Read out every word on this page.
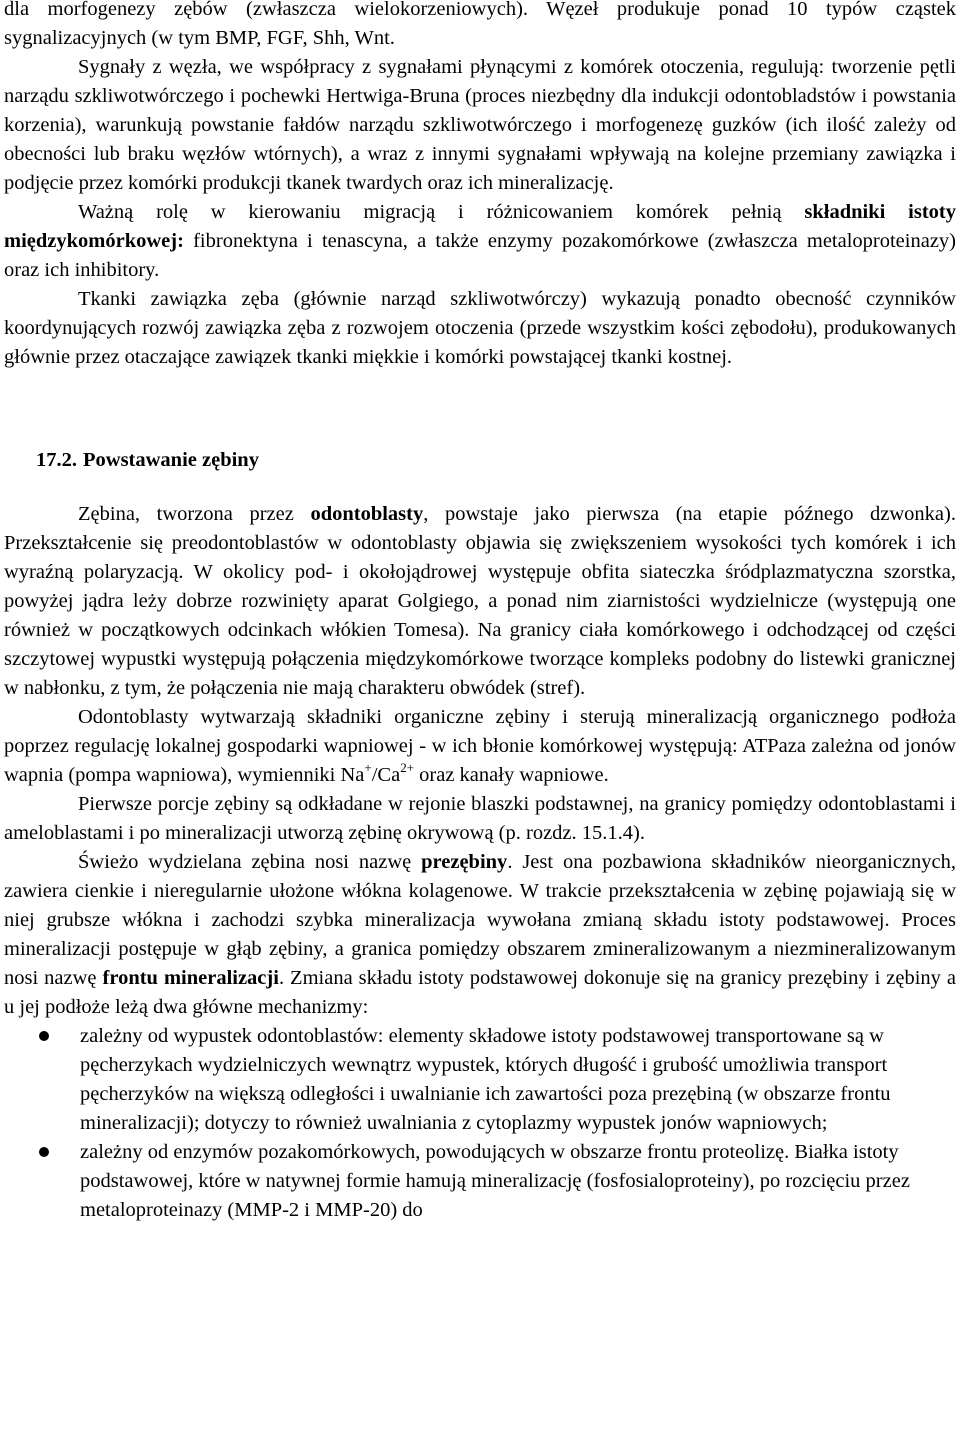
dla morfogenezy zębów (zwłaszcza wielokorzeniowych). Węzeł produkuje ponad 10 typów cząstek sygnalizacyjnych (w tym BMP, FGF, Shh, Wnt.

Sygnały z węzła, we współpracy z sygnałami płynącymi z komórek otoczenia, regulują: tworzenie pętli narządu szkliwotwórczego i pochewki Hertwiga-Bruna (proces niezbędny dla indukcji odontobladstów i powstania korzenia), warunkują powstanie fałdów narządu szkliwotwórczego i morfogenezę guzków (ich ilość zależy od obecności lub braku węzłów wtórnych), a wraz z innymi sygnałami wpływają na kolejne przemiany zawiązka i podjęcie przez komórki produkcji tkanek twardych oraz ich mineralizację.

Ważną rolę w kierowaniu migracją i różnicowaniem komórek pełnią składniki istoty międzykomórkowej: fibronektyna i tenascyna, a także enzymy pozakomórkowe (zwłaszcza metaloproteinazy) oraz ich inhibitory.

Tkanki zawiązka zęba (głównie narząd szkliwotwórczy) wykazują ponadto obecność czynników koordynujących rozwój zawiązka zęba z rozwojem otoczenia (przede wszystkim kości zębodołu), produkowanych głównie przez otaczające zawiązek tkanki miękkie i komórki powstającej tkanki kostnej.

17.2. Powstawanie zębiny

Zębina, tworzona przez odontoblasty, powstaje jako pierwsza (na etapie późnego dzwonka). Przekształcenie się preodontoblastów w odontoblasty objawia się zwiększeniem wysokości tych komórek i ich wyraźną polaryzacją. W okolicy pod- i okołojądrowej występuje obfita siateczka śródplazmatyczna szorstka, powyżej jądra leży dobrze rozwinięty aparat Golgiego, a ponad nim ziarnistości wydzielnicze (występują one również w początkowych odcinkach włókien Tomesa). Na granicy ciała komórkowego i odchodzącej od części szczytowej wypustki występują połączenia międzykomórkowe tworzące kompleks podobny do listewki granicznej w nabłonku, z tym, że połączenia nie mają charakteru obwódek (stref).

Odontoblasty wytwarzają składniki organiczne zębiny i sterują mineralizacją organicznego podłoża poprzez regulację lokalnej gospodarki wapniowej - w ich błonie komórkowej występują: ATPaza zależna od jonów wapnia (pompa wapniowa), wymienniki $Na^+/Ca^{2+}$ oraz kanały wapniowe.

Pierwsze porcje zębiny są odkładane w rejonie blaszki podstawnej, na granicy pomiędzy odontoblastami i ameloblastami i po mineralizacji utworzą zębinę okrywową (p. rozdz. 15.1.4).

Świeżo wydzielana zębina nosi nazwę prezębiny. Jest ona pozbawiona składników nieorganicznych, zawiera cienkie i nieregularnie ułożone włókna kolagenowe. W trakcie przekształcenia w zębinę pojawiają się w niej grubsze włókna i zachodzi szybka mineralizacja wywołana zmianą składu istoty podstawowej. Proces mineralizacji postępuje w głąb zębiny, a granica pomiędzy obszarem zmineralizowanym a niezmineralizowanym nosi nazwę frontu mineralizacji. Zmiana składu istoty podstawowej dokonuje się na granicy prezębiny i zębiny a u jej podłoże leżą dwa główne mechanizmy:

zależny od wypustek odontoblastów: elementy składowe istoty podstawowej transportowane są w pęcherzykach wydzielniczych wewnątrz wypustek, których długość i grubość umożliwia transport pęcherzyków na większą odległości i uwalnianie ich zawartości poza prezębiną (w obszarze frontu mineralizacji); dotyczy to również uwalniania z cytoplazmy wypustek jonów wapniowych;
zależny od enzymów pozakomórkowych, powodujących w obszarze frontu proteolizę. Białka istoty podstawowej, które w natywnej formie hamują mineralizację (fosfosialoproteiny), po rozcięciu przez metaloproteinazy (MMP-2 i MMP-20) do
